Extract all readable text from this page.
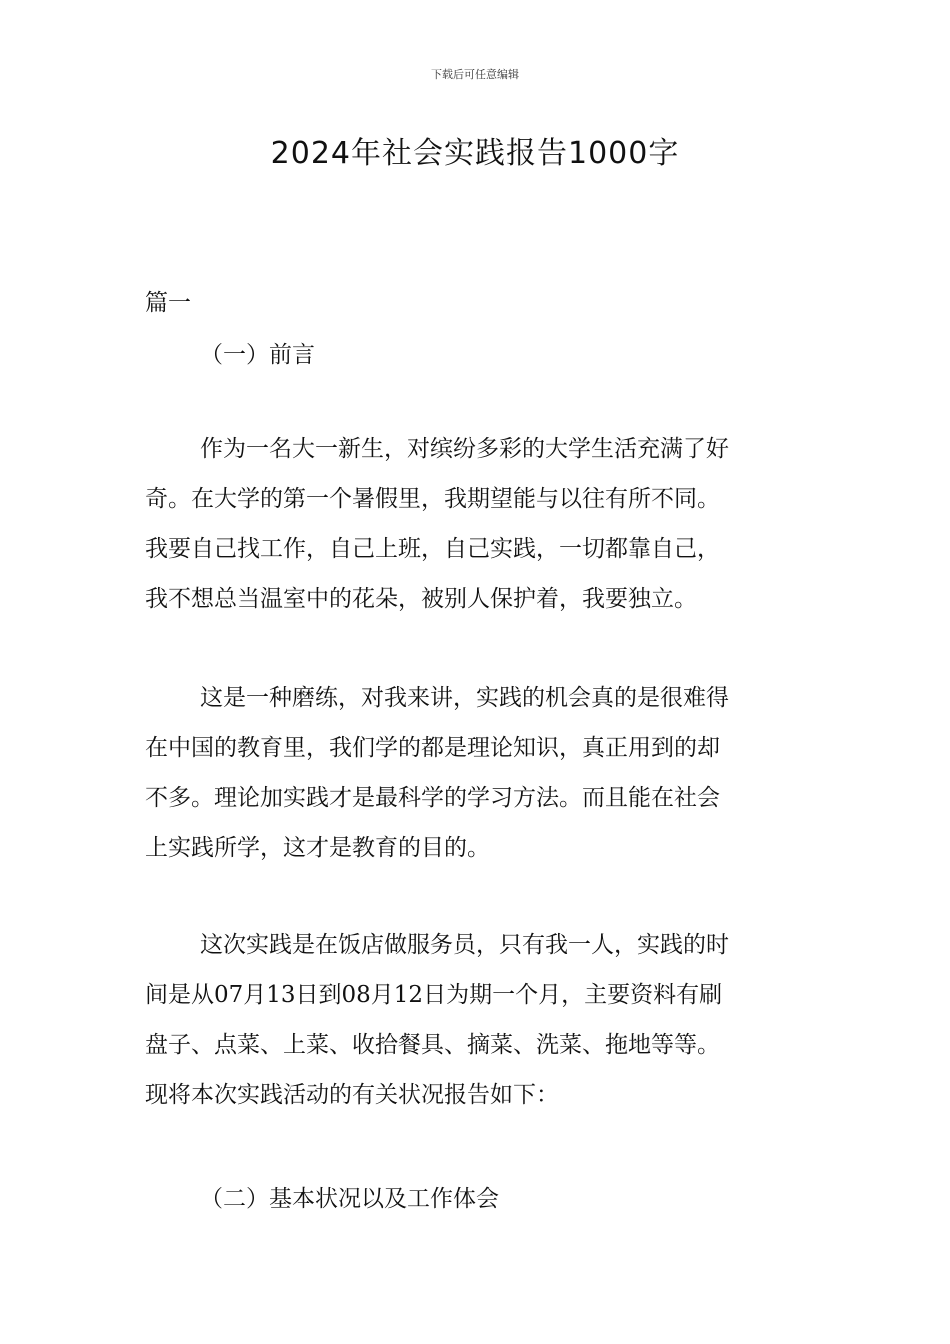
下载后可任意编辑
2024年社会实践报告1000字
篇一
（一）前言
作为一名大一新生，对缤纷多彩的大学生活充满了好
奇。在大学的第一个暑假里，我期望能与以往有所不同。
我要自己找工作，自己上班，自己实践，一切都靠自己，
我不想总当温室中的花朵，被别人保护着，我要独立。
这是一种磨练，对我来讲，实践的机会真的是很难得
在中国的教育里，我们学的都是理论知识，真正用到的却
不多。理论加实践才是最科学的学习方法。而且能在社会
上实践所学，这才是教育的目的。
这次实践是在饭店做服务员，只有我一人，实践的时
间是从07月13日到08月12日为期一个月，主要资料有刷
盘子、点菜、上菜、收拾餐具、摘菜、洗菜、拖地等等。
现将本次实践活动的有关状况报告如下：
（二）基本状况以及工作体会
